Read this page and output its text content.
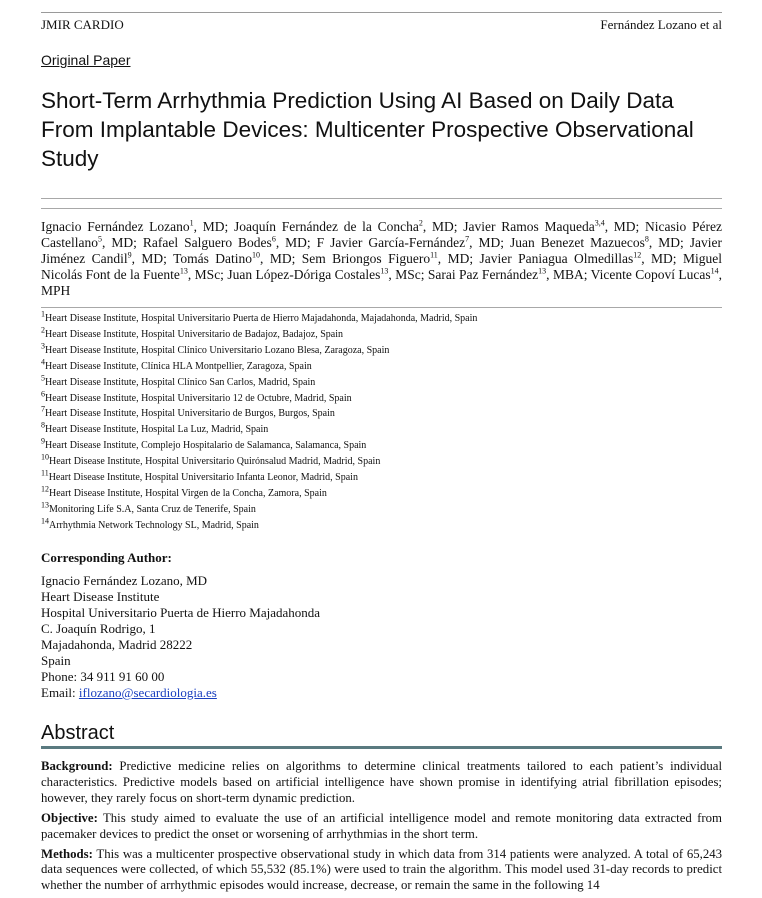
JMIR CARDIO	Fernández Lozano et al
Original Paper
Short-Term Arrhythmia Prediction Using AI Based on Daily Data From Implantable Devices: Multicenter Prospective Observational Study
Ignacio Fernández Lozano$^1$, MD; Joaquín Fernández de la Concha$^2$, MD; Javier Ramos Maqueda$^{3,4}$, MD; Nicasio Pérez Castellano$^5$, MD; Rafael Salguero Bodes$^6$, MD; F Javier García-Fernández$^7$, MD; Juan Benezet Mazuecos$^8$, MD; Javier Jiménez Candil$^9$, MD; Tomás Datino$^{10}$, MD; Sem Briongos Figuero$^{11}$, MD; Javier Paniagua Olmedillas$^{12}$, MD; Miguel Nicolás Font de la Fuente$^{13}$, MSc; Juan López-Dóriga Costales$^{13}$, MSc; Sarai Paz Fernández$^{13}$, MBA; Vicente Copoví Lucas$^{14}$, MPH
$^1$Heart Disease Institute, Hospital Universitario Puerta de Hierro Majadahonda, Majadahonda, Madrid, Spain
$^2$Heart Disease Institute, Hospital Universitario de Badajoz, Badajoz, Spain
$^3$Heart Disease Institute, Hospital Clínico Universitario Lozano Blesa, Zaragoza, Spain
$^4$Heart Disease Institute, Clínica HLA Montpellier, Zaragoza, Spain
$^5$Heart Disease Institute, Hospital Clínico San Carlos, Madrid, Spain
$^6$Heart Disease Institute, Hospital Universitario 12 de Octubre, Madrid, Spain
$^7$Heart Disease Institute, Hospital Universitario de Burgos, Burgos, Spain
$^8$Heart Disease Institute, Hospital La Luz, Madrid, Spain
$^9$Heart Disease Institute, Complejo Hospitalario de Salamanca, Salamanca, Spain
$^{10}$Heart Disease Institute, Hospital Universitario Quirónsalud Madrid, Madrid, Spain
$^{11}$Heart Disease Institute, Hospital Universitario Infanta Leonor, Madrid, Spain
$^{12}$Heart Disease Institute, Hospital Virgen de la Concha, Zamora, Spain
$^{13}$Monitoring Life S.A, Santa Cruz de Tenerife, Spain
$^{14}$Arrhythmia Network Technology SL, Madrid, Spain
Corresponding Author:
Ignacio Fernández Lozano, MD
Heart Disease Institute
Hospital Universitario Puerta de Hierro Majadahonda
C. Joaquín Rodrigo, 1
Majadahonda, Madrid 28222
Spain
Phone: 34 911 91 60 00
Email: iflozano@secardiologia.es
Abstract

Background: Predictive medicine relies on algorithms to determine clinical treatments tailored to each patient’s individual characteristics. Predictive models based on artificial intelligence have shown promise in identifying atrial fibrillation episodes; however, they rarely focus on short-term dynamic prediction.

Objective: This study aimed to evaluate the use of an artificial intelligence model and remote monitoring data extracted from pacemaker devices to predict the onset or worsening of arrhythmias in the short term.

Methods: This was a multicenter prospective observational study in which data from 314 patients were analyzed. A total of 65,243 data sequences were collected, of which 55,532 (85.1%) were used to train the algorithm. This model used 31-day records to predict whether the number of arrhythmic episodes would increase, decrease, or remain the same in the following 14
